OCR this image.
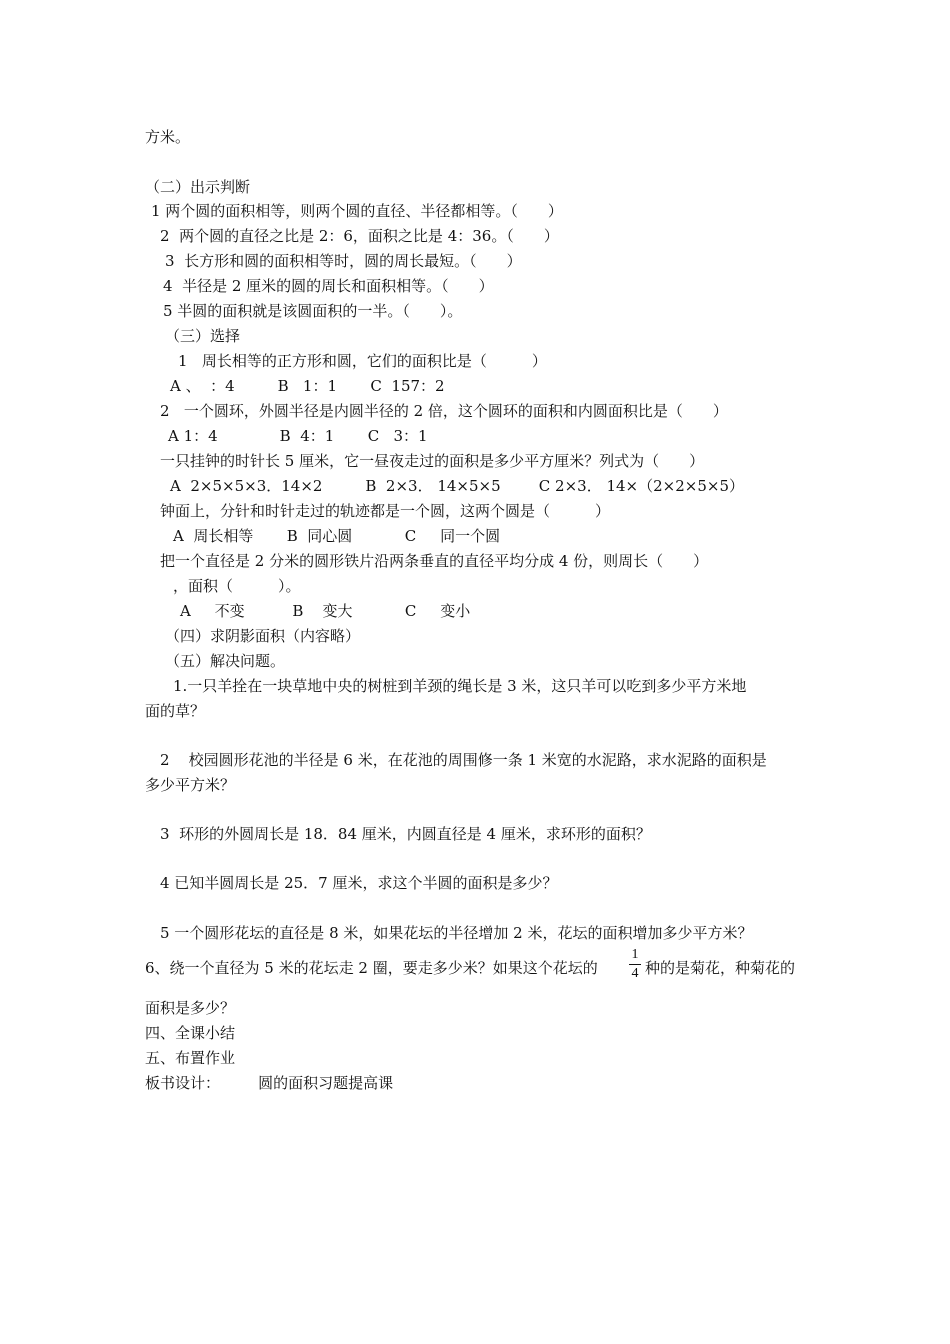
方米。
（二）出示判断
1 两个圆的面积相等，则两个圆的直径、半径都相等。（　　）
2  两个圆的直径之比是 2：6，面积之比是 4：36。（　　）
3  长方形和圆的面积相等时，圆的周长最短。（　　）
4  半径是 2 厘米的圆的周长和面积相等。（　　）
5 半圆的面积就是该圆面积的一半。（　　）。
（三）选择
1   周长相等的正方形和圆，它们的面积比是（　　　）
A 、  ：4         B   1：1       C  157：2
2   一个圆环，外圆半径是内圆半径的 2 倍，这个圆环的面积和内圆面积比是（　　）
A 1：4             B  4：1       C   3：1
一只挂钟的时针长 5 厘米，它一昼夜走过的面积是多少平方厘米？列式为（　　）
A  2×5×5×3．14×2         B  2×3． 14×5×5        C 2×3． 14×（2×2×5×5）
钟面上，分针和时针走过的轨迹都是一个圆，这两个圆是（　　　）
A  周长相等       B  同心圆           C     同一个圆
把一个直径是 2 分米的圆形铁片沿两条垂直的直径平均分成 4 份，则周长（　　）
，面积（　　　）。
A     不变          B    变大           C     变小
（四）求阴影面积（内容略）
（五）解决问题。
1.一只羊拴在一块草地中央的树桩到羊颈的绳长是 3 米，这只羊可以吃到多少平方米地
面的草？
2    校园圆形花池的半径是 6 米，在花池的周围修一条 1 米宽的水泥路，求水泥路的面积是
多少平方米？
3  环形的外圆周长是 18．84 厘米，内圆直径是 4 厘米，求环形的面积？
4 已知半圆周长是 25．7 厘米，求这个半圆的面积是多少？
5 一个圆形花坛的直径是 8 米，如果花坛的半径增加 2 米，花坛的面积增加多少平方米？
6、绕一个直径为 5 米的花坛走 2 圈，要走多少米？如果这个花坛的
1
4 种的是菊花，种菊花的
面积是多少？
四、全课小结
五、布置作业
板书设计：        圆的面积习题提高课
